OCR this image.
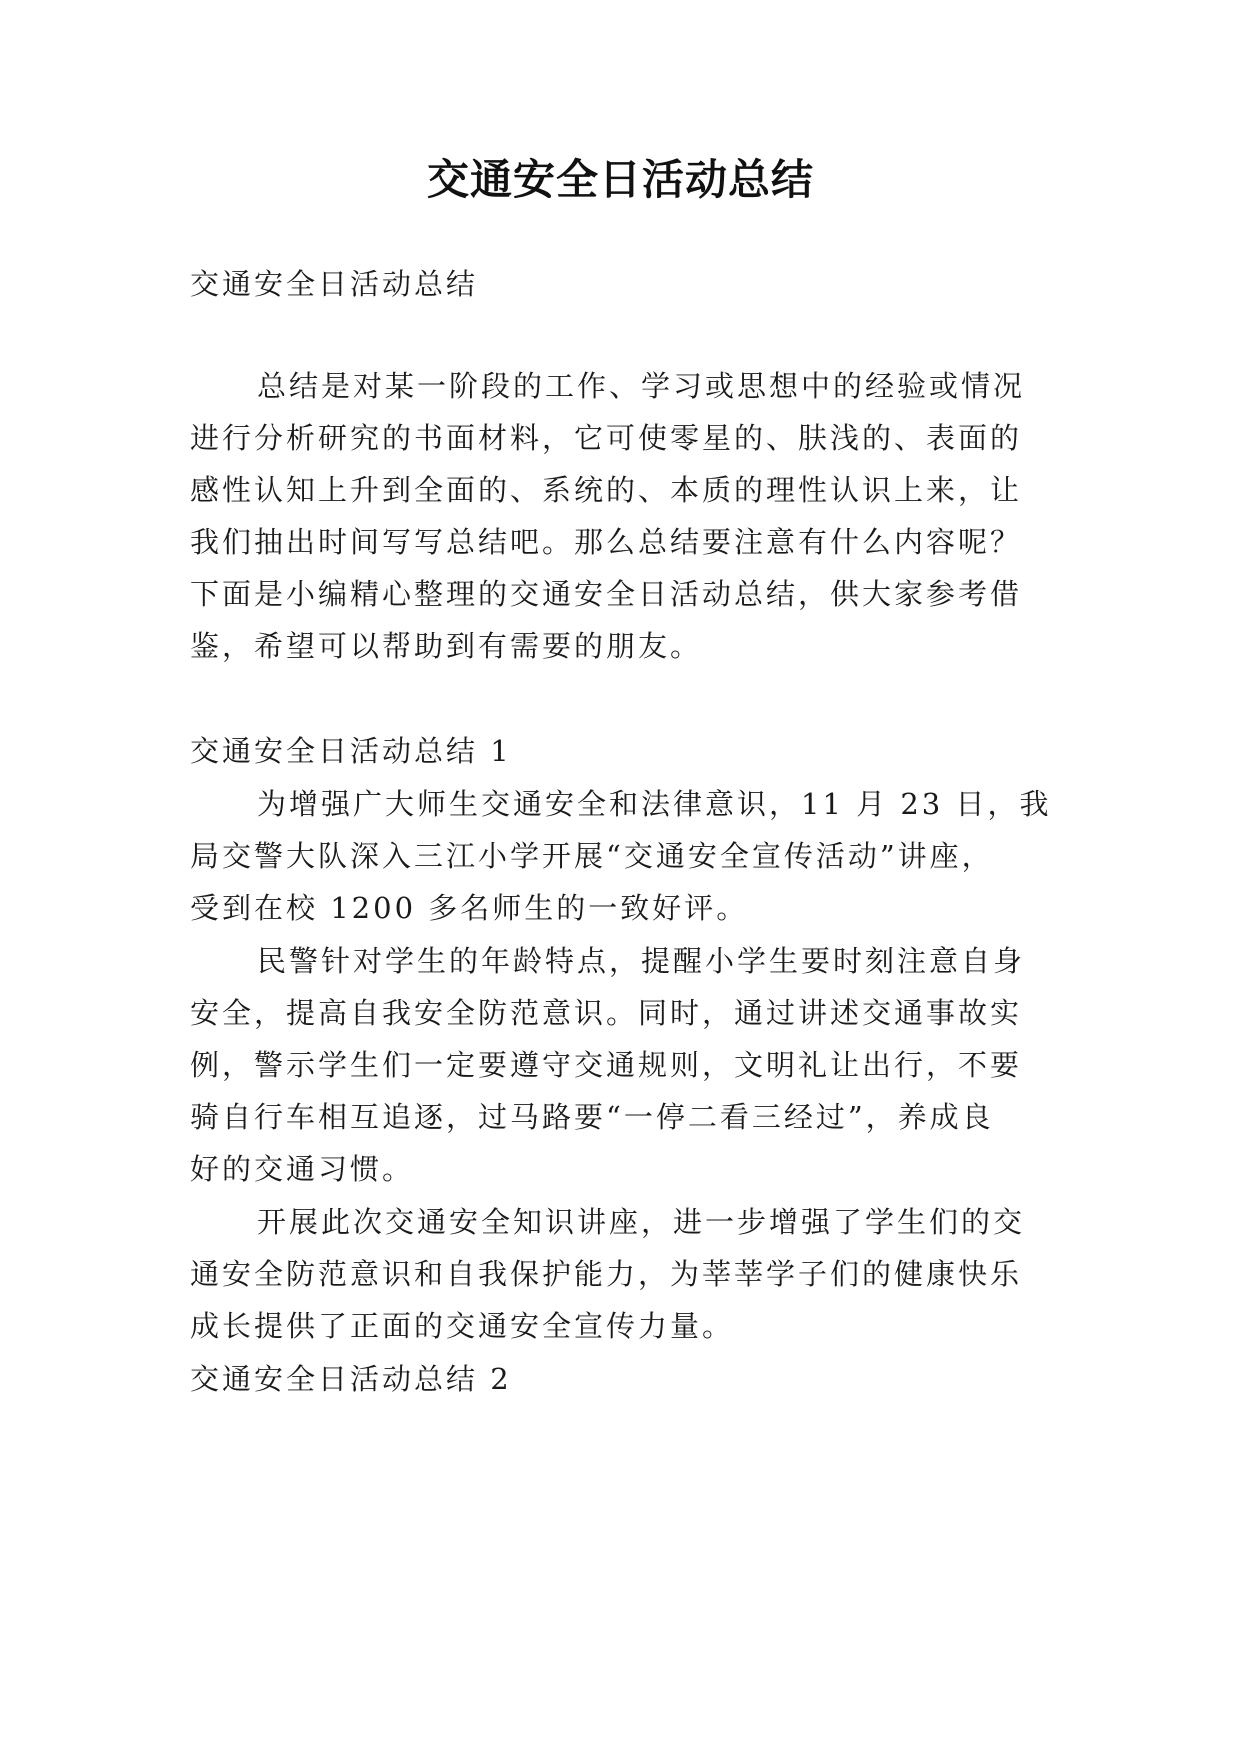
交通安全日活动总结
交通安全日活动总结
总结是对某一阶段的工作、学习或思想中的经验或情况
进行分析研究的书面材料，它可使零星的、肤浅的、表面的
感性认知上升到全面的、系统的、本质的理性认识上来，让
我们抽出时间写写总结吧。那么总结要注意有什么内容呢？
下面是小编精心整理的交通安全日活动总结，供大家参考借
鉴，希望可以帮助到有需要的朋友。
交通安全日活动总结 1
为增强广大师生交通安全和法律意识，11 月 23 日，我
局交警大队深入三江小学开展“交通安全宣传活动”讲座，
受到在校 1200 多名师生的一致好评。
民警针对学生的年龄特点，提醒小学生要时刻注意自身
安全，提高自我安全防范意识。同时，通过讲述交通事故实
例，警示学生们一定要遵守交通规则，文明礼让出行，不要
骑自行车相互追逐，过马路要“一停二看三经过”，养成良
好的交通习惯。
开展此次交通安全知识讲座，进一步增强了学生们的交
通安全防范意识和自我保护能力，为莘莘学子们的健康快乐
成长提供了正面的交通安全宣传力量。
交通安全日活动总结 2
